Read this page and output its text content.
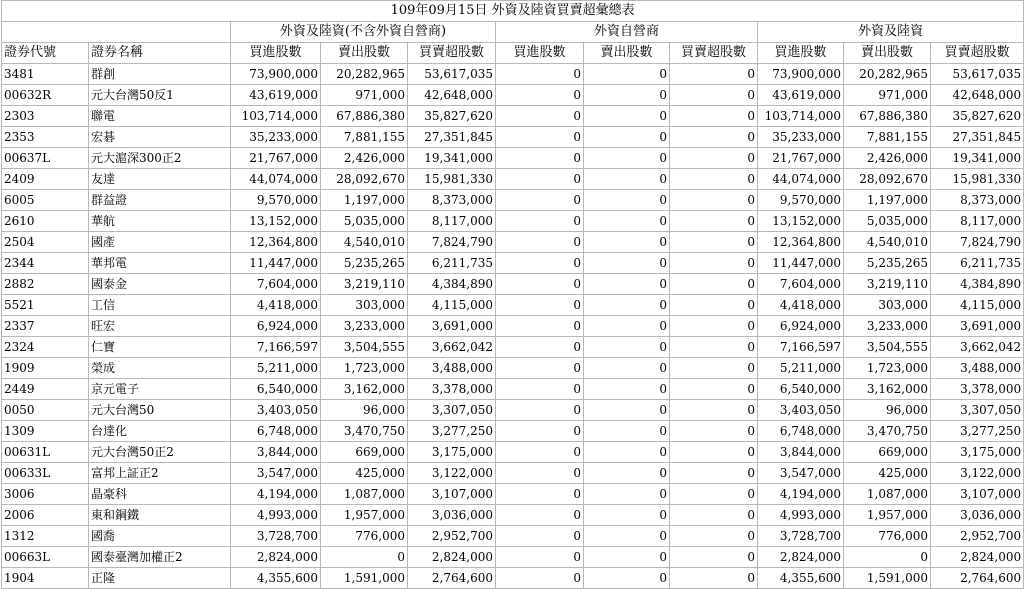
109年09月15日 外資及陸資買賣超彙總表										
		外資及陸資(不含外資自營商)			外資自營商			外資及陸資		
證券代號	證券名稱	買進股數	賣出股數	買賣超股數	買進股數	賣出股數	買賣超股數	買進股數	賣出股數	買賣超股數
3481	群創	73,900,000	20,282,965	53,617,035	0	0	0	73,900,000	20,282,965	53,617,035
00632R	元大台灣50反1	43,619,000	971,000	42,648,000	0	0	0	43,619,000	971,000	42,648,000
2303	聯電	103,714,000	67,886,380	35,827,620	0	0	0	103,714,000	67,886,380	35,827,620
2353	宏碁	35,233,000	7,881,155	27,351,845	0	0	0	35,233,000	7,881,155	27,351,845
00637L	元大滬深300正2	21,767,000	2,426,000	19,341,000	0	0	0	21,767,000	2,426,000	19,341,000
2409	友達	44,074,000	28,092,670	15,981,330	0	0	0	44,074,000	28,092,670	15,981,330
6005	群益證	9,570,000	1,197,000	8,373,000	0	0	0	9,570,000	1,197,000	8,373,000
2610	華航	13,152,000	5,035,000	8,117,000	0	0	0	13,152,000	5,035,000	8,117,000
2504	國產	12,364,800	4,540,010	7,824,790	0	0	0	12,364,800	4,540,010	7,824,790
2344	華邦電	11,447,000	5,235,265	6,211,735	0	0	0	11,447,000	5,235,265	6,211,735
2882	國泰金	7,604,000	3,219,110	4,384,890	0	0	0	7,604,000	3,219,110	4,384,890
5521	工信	4,418,000	303,000	4,115,000	0	0	0	4,418,000	303,000	4,115,000
2337	旺宏	6,924,000	3,233,000	3,691,000	0	0	0	6,924,000	3,233,000	3,691,000
2324	仁寶	7,166,597	3,504,555	3,662,042	0	0	0	7,166,597	3,504,555	3,662,042
1909	榮成	5,211,000	1,723,000	3,488,000	0	0	0	5,211,000	1,723,000	3,488,000
2449	京元電子	6,540,000	3,162,000	3,378,000	0	0	0	6,540,000	3,162,000	3,378,000
0050	元大台灣50	3,403,050	96,000	3,307,050	0	0	0	3,403,050	96,000	3,307,050
1309	台達化	6,748,000	3,470,750	3,277,250	0	0	0	6,748,000	3,470,750	3,277,250
00631L	元大台灣50正2	3,844,000	669,000	3,175,000	0	0	0	3,844,000	669,000	3,175,000
00633L	富邦上証正2	3,547,000	425,000	3,122,000	0	0	0	3,547,000	425,000	3,122,000
3006	晶豪科	4,194,000	1,087,000	3,107,000	0	0	0	4,194,000	1,087,000	3,107,000
2006	東和鋼鐵	4,993,000	1,957,000	3,036,000	0	0	0	4,993,000	1,957,000	3,036,000
1312	國喬	3,728,700	776,000	2,952,700	0	0	0	3,728,700	776,000	2,952,700
00663L	國泰臺灣加權正2	2,824,000	0	2,824,000	0	0	0	2,824,000	0	2,824,000
1904	正隆	4,355,600	1,591,000	2,764,600	0	0	0	4,355,600	1,591,000	2,764,600
